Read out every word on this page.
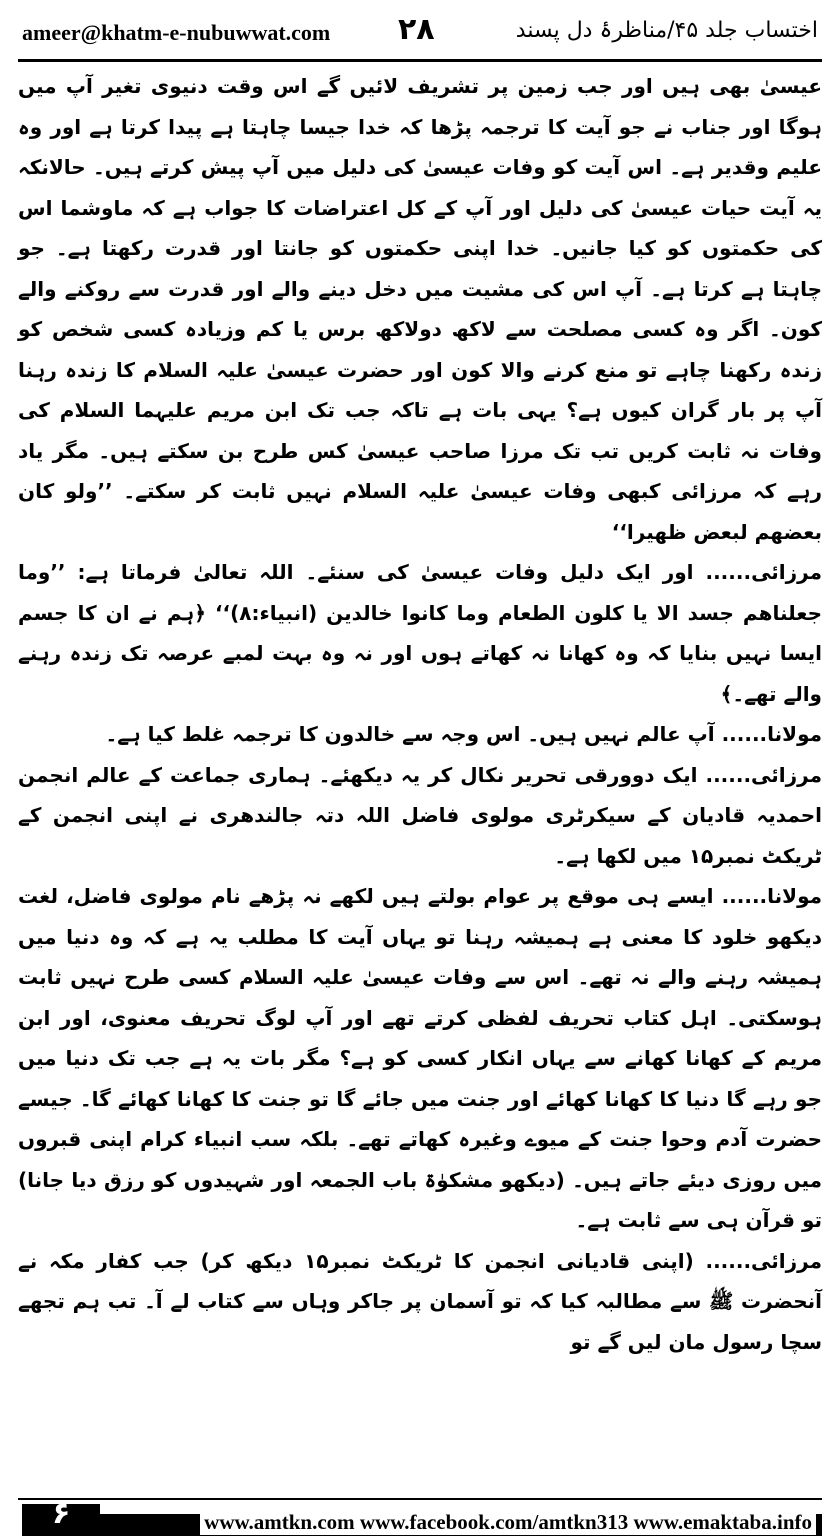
ameer@khatm-e-nubuwwat.com ۲۸	اختساب جلد ۴۵/مناظرۂ دل پسند

عیسیٰ بھی ہیں اور جب زمین پر تشریف لائیں گے اس وقت دنیوی تغیر آپ میں ہوگا اور جناب نے جو آیت کا ترجمہ پڑھا کہ خدا جیسا چاہتا ہے پیدا کرتا ہے اور وہ علیم وقدیر ہے۔ اس آیت کو وفات عیسیٰ کی دلیل میں آپ پیش کرتے ہیں۔ حالانکہ یہ آیت حیات عیسیٰ کی دلیل اور آپ کے کل اعتراضات کا جواب ہے کہ ماوشما اس کی حکمتوں کو کیا جانیں۔ خدا اپنی حکمتوں کو جانتا اور قدرت رکھتا ہے۔ جو چاہتا ہے کرتا ہے۔ آپ اس کی مشیت میں دخل دینے والے اور قدرت سے روکنے والے کون۔ اگر وہ کسی مصلحت سے لاکھ دولاکھ برس یا کم وزیادہ کسی شخص کو زندہ رکھنا چاہے تو منع کرنے والا کون اور حضرت عیسیٰ علیہ السلام کا زندہ رہنا آپ پر بار گران کیوں ہے؟ یہی بات ہے تاکہ جب تک ابن مریم علیہما السلام کی وفات نہ ثابت کریں تب تک مرزا صاحب عیسیٰ کس طرح بن سکتے ہیں۔ مگر یاد رہے کہ مرزائی کبھی وفات عیسیٰ علیہ السلام نہیں ثابت کر سکتے۔ ’’ولو کان بعضهم لبعض ظهیرا‘‘

مرزائی...... اور ایک دلیل وفات عیسیٰ کی سنئے۔ اللہ تعالیٰ فرماتا ہے: ’’وما جعلناهم جسد الا یا کلون الطعام وما کانوا خالدین (انبیاء:۸)‘‘ ﴿ہم نے ان کا جسم ایسا نہیں بنایا کہ وہ کھانا نہ کھاتے ہوں اور نہ وہ بہت لمبے عرصہ تک زندہ رہنے والے تھے۔﴾

مولانا...... آپ عالم نہیں ہیں۔ اس وجہ سے خالدون کا ترجمہ غلط کیا ہے۔

مرزائی...... ایک دوورقی تحریر نکال کر یہ دیکھئے۔ ہماری جماعت کے عالم انجمن احمدیہ قادیان کے سیکرٹری مولوی فاضل اللہ دتہ جالندھری نے اپنی انجمن کے ٹریکٹ نمبر۱۵ میں لکھا ہے۔

مولانا...... ایسے ہی موقع پر عوام بولتے ہیں لکھے نہ پڑھے نام مولوی فاضل، لغت دیکھو خلود کا معنی ہے ہمیشہ رہنا تو یہاں آیت کا مطلب یہ ہے کہ وہ دنیا میں ہمیشہ رہنے والے نہ تھے۔ اس سے وفات عیسیٰ علیہ السلام کسی طرح نہیں ثابت ہوسکتی۔ اہل کتاب تحریف لفظی کرتے تھے اور آپ لوگ تحریف معنوی، اور ابن مریم کے کھانا کھانے سے یہاں انکار کسی کو ہے؟ مگر بات یہ ہے جب تک دنیا میں جو رہے گا دنیا کا کھانا کھائے اور جنت میں جائے گا تو جنت کا کھانا کھائے گا۔ جیسے حضرت آدم وحوا جنت کے میوے وغیرہ کھاتے تھے۔ بلکہ سب انبیاء کرام اپنی قبروں میں روزی دیئے جاتے ہیں۔ (دیکھو مشکوٰۃ باب الجمعہ اور شہیدوں کو رزق دیا جانا) تو قرآن ہی سے ثابت ہے۔

مرزائی...... (اپنی قادیانی انجمن کا ٹریکٹ نمبر۱۵ دیکھ کر) جب کفار مکہ نے آنحضرت ﷺ سے مطالبہ کیا کہ تو آسمان پر جاکر وہاں سے کتاب لے آ۔ تب ہم تجھے سچا رسول مان لیں گے تو

۶	www.amtkn.com www.facebook.com/amtkn313 www.emaktaba.info
